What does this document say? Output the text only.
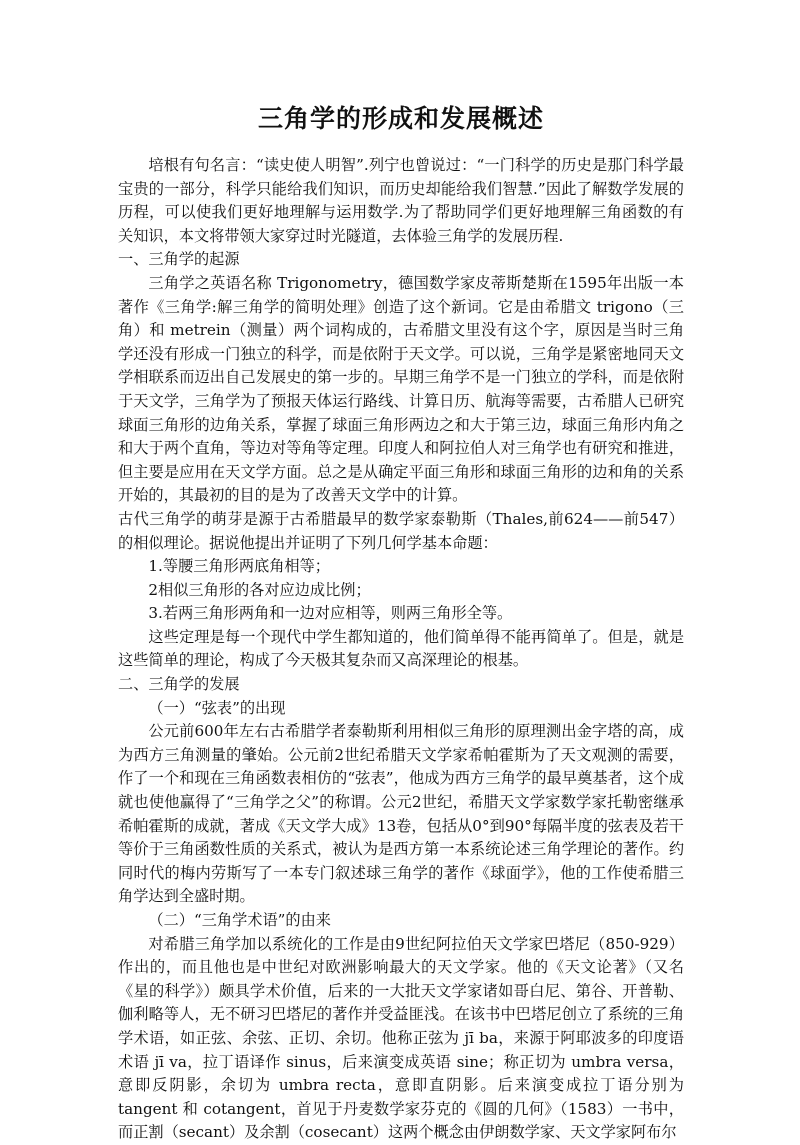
三角学的形成和发展概述

培根有句名言：“读史使人明智”.列宁也曾说过：“一门科学的历史是那门科学最宝贵的一部分，科学只能给我们知识，而历史却能给我们智慧.”因此了解数学发展的历程，可以使我们更好地理解与运用数学.为了帮助同学们更好地理解三角函数的有关知识，本文将带领大家穿过时光隧道，去体验三角学的发展历程.

一、三角学的起源

三角学之英语名称 Trigonometry，德国数学家皮蒂斯楚斯在1595年出版一本著作《三角学:解三角学的简明处理》创造了这个新词。它是由希腊文 trigono（三角）和 metrein（测量）两个词构成的，古希腊文里没有这个字，原因是当时三角学还没有形成一门独立的科学，而是依附于天文学。可以说，三角学是紧密地同天文学相联系而迈出自己发展史的第一步的。早期三角学不是一门独立的学科，而是依附于天文学，三角学为了预报天体运行路线、计算日历、航海等需要，古希腊人已研究球面三角形的边角关系，掌握了球面三角形两边之和大于第三边，球面三角形内角之和大于两个直角，等边对等角等定理。印度人和阿拉伯人对三角学也有研究和推进，但主要是应用在天文学方面。总之是从确定平面三角形和球面三角形的边和角的关系开始的，其最初的目的是为了改善天文学中的计算。

古代三角学的萌芽是源于古希腊最早的数学家泰勒斯（Thales,前624——前547）的相似理论。据说他提出并证明了下列几何学基本命题：

1.等腰三角形两底角相等；

2相似三角形的各对应边成比例；

3.若两三角形两角和一边对应相等，则两三角形全等。

这些定理是每一个现代中学生都知道的，他们简单得不能再简单了。但是，就是这些简单的理论，构成了今天极其复杂而又高深理论的根基。

二、三角学的发展

（一）“弦表”的出现

公元前600年左右古希腊学者泰勒斯利用相似三角形的原理测出金字塔的高，成为西方三角测量的肇始。公元前2世纪希腊天文学家希帕霍斯为了天文观测的需要，作了一个和现在三角函数表相仿的“弦表”，他成为西方三角学的最早奠基者，这个成就也使他赢得了“三角学之父”的称谓。公元2世纪，希腊天文学家数学家托勒密继承希帕霍斯的成就，著成《天文学大成》13卷，包括从0°到90°每隔半度的弦表及若干等价于三角函数性质的关系式，被认为是西方第一本系统论述三角学理论的著作。约同时代的梅内劳斯写了一本专门叙述球三角学的著作《球面学》，他的工作使希腊三角学达到全盛时期。

（二）“三角学术语”的由来

对希腊三角学加以系统化的工作是由9世纪阿拉伯天文学家巴塔尼（850-929）作出的，而且他也是中世纪对欧洲影响最大的天文学家。他的《天文论著》（又名《星的科学》）颇具学术价值，后来的一大批天文学家诸如哥白尼、第谷、开普勒、伽利略等人，无不研习巴塔尼的著作并受益匪浅。在该书中巴塔尼创立了系统的三角学术语，如正弦、余弦、正切、余切。他称正弦为 jī ba，来源于阿耶波多的印度语术语 jī va，拉丁语译作 sinus，后来演变成英语 sine；称正切为 umbra versa，意即反阴影，余切为 umbra recta，意即直阴影。后来演变成拉丁语分别为 tangent 和 cotangent，首见于丹麦数学家芬克的《圆的几何》（1583）一书中，而正割（secant）及余割（cosecant）这两个概念由伊朗数学家、天文学家阿布尔
